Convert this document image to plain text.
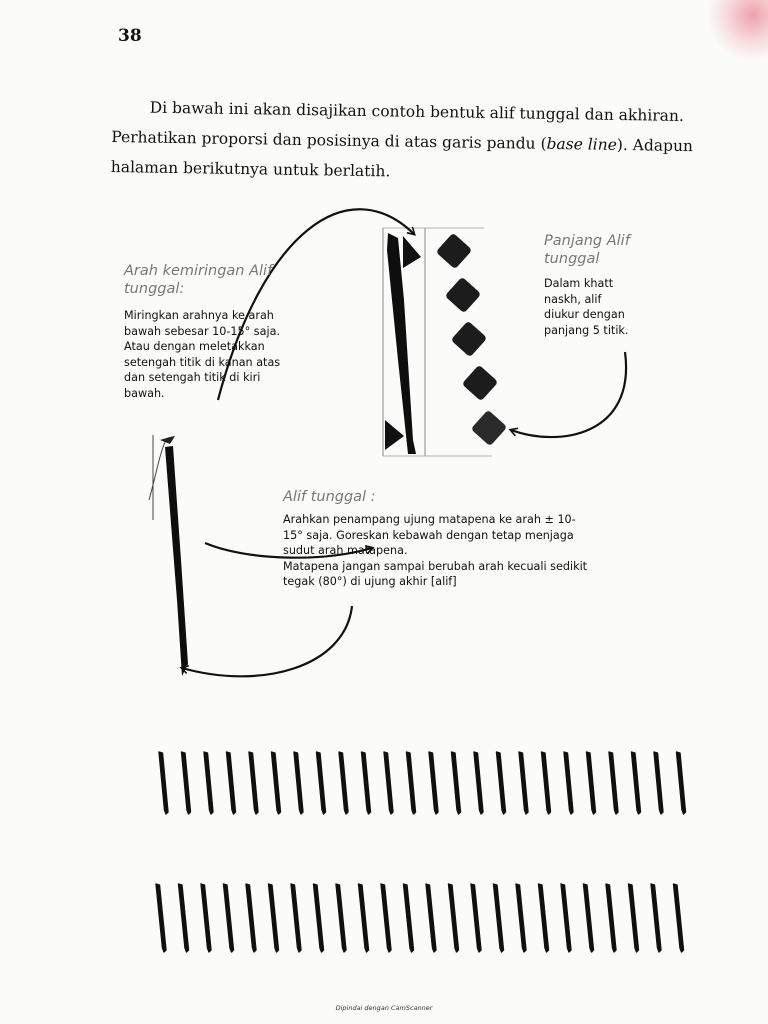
38
Di bawah ini akan disajikan contoh bentuk alif tunggal dan akhiran.
Perhatikan proporsi dan posisinya di atas garis pandu (base line). Adapun
halaman berikutnya untuk berlatih.
Panjang Alif
tunggal
Dalam khatt
naskh, alif
diukur dengan
panjang 5 titik.
Arah kemiringan Alif
tunggal:
Miringkan arahnya ke arah
bawah sebesar 10-15° saja.
Atau dengan meletakkan
setengah titik di kanan atas
dan setengah titik di kiri
bawah.
Alif tunggal :
Arahkan penampang ujung matapena ke arah ± 10-
15° saja. Goreskan kebawah dengan tetap menjaga
sudut arah matapena.
Matapena jangan sampai berubah arah kecuali sedikit
tegak (80°) di ujung akhir [alif]
Dipindai dengan CamScanner
